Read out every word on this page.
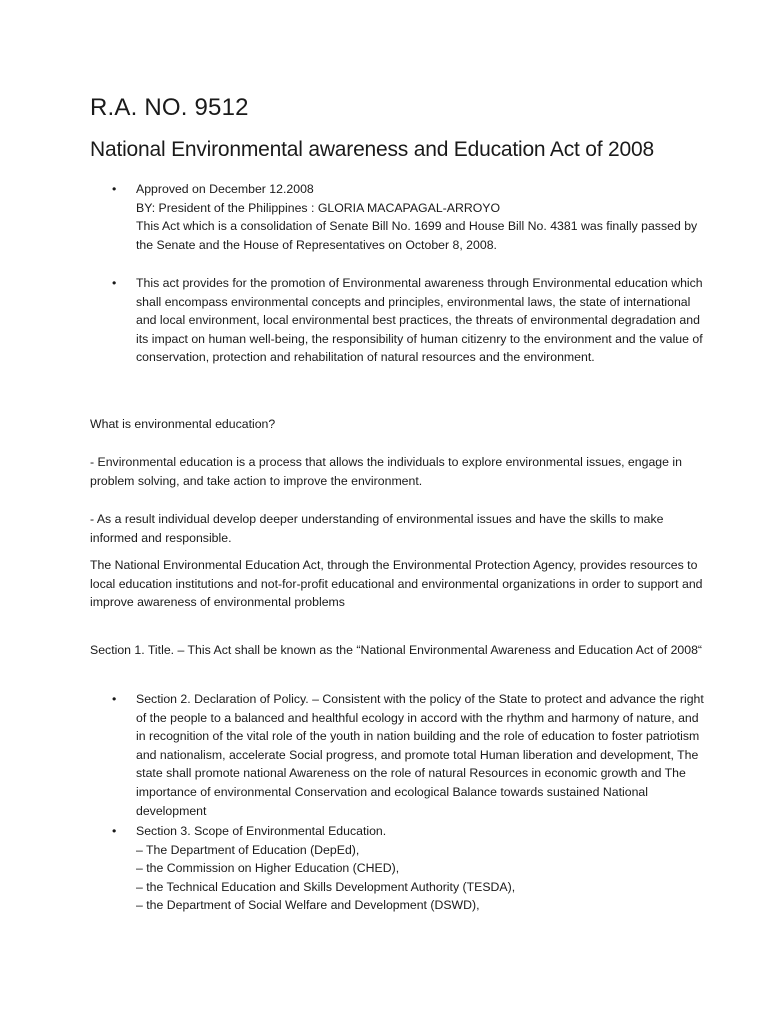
R.A. NO. 9512
National Environmental awareness and Education Act of 2008
• Approved on December 12.2008
BY: President of the Philippines : GLORIA MACAPAGAL-ARROYO
This Act which is a consolidation of Senate Bill No. 1699 and House Bill No. 4381 was finally passed by the Senate and the House of Representatives on October 8, 2008.
• This act provides for the promotion of Environmental awareness through Environmental education which shall encompass environmental concepts and principles, environmental laws, the state of international and local environment, local environmental best practices, the threats of environmental degradation and its impact on human well-being, the responsibility of human citizenry to the environment and the value of conservation, protection and rehabilitation of natural resources and the environment.

What is environmental education?

- Environmental education is a process that allows the individuals to explore environmental issues, engage in problem solving, and take action to improve the environment.

- As a result individual develop deeper understanding of environmental issues and have the skills to make informed and responsible.

The National Environmental Education Act, through the Environmental Protection Agency, provides resources to local education institutions and not-for-profit educational and environmental organizations in order to support and improve awareness of environmental problems

Section 1. Title. – This Act shall be known as the “National Environmental Awareness and Education Act of 2008“

• Section 2. Declaration of Policy. – Consistent with the policy of the State to protect and advance the right of the people to a balanced and healthful ecology in accord with the rhythm and harmony of nature, and in recognition of the vital role of the youth in nation building and the role of education to foster patriotism and nationalism, accelerate Social progress, and promote total Human liberation and development, The state shall promote national Awareness on the role of natural Resources in economic growth and The importance of environmental Conservation and ecological Balance towards sustained National development

• Section 3. Scope of Environmental Education.
– The Department of Education (DepEd),
– the Commission on Higher Education (CHED),
– the Technical Education and Skills Development Authority (TESDA),
– the Department of Social Welfare and Development (DSWD),
